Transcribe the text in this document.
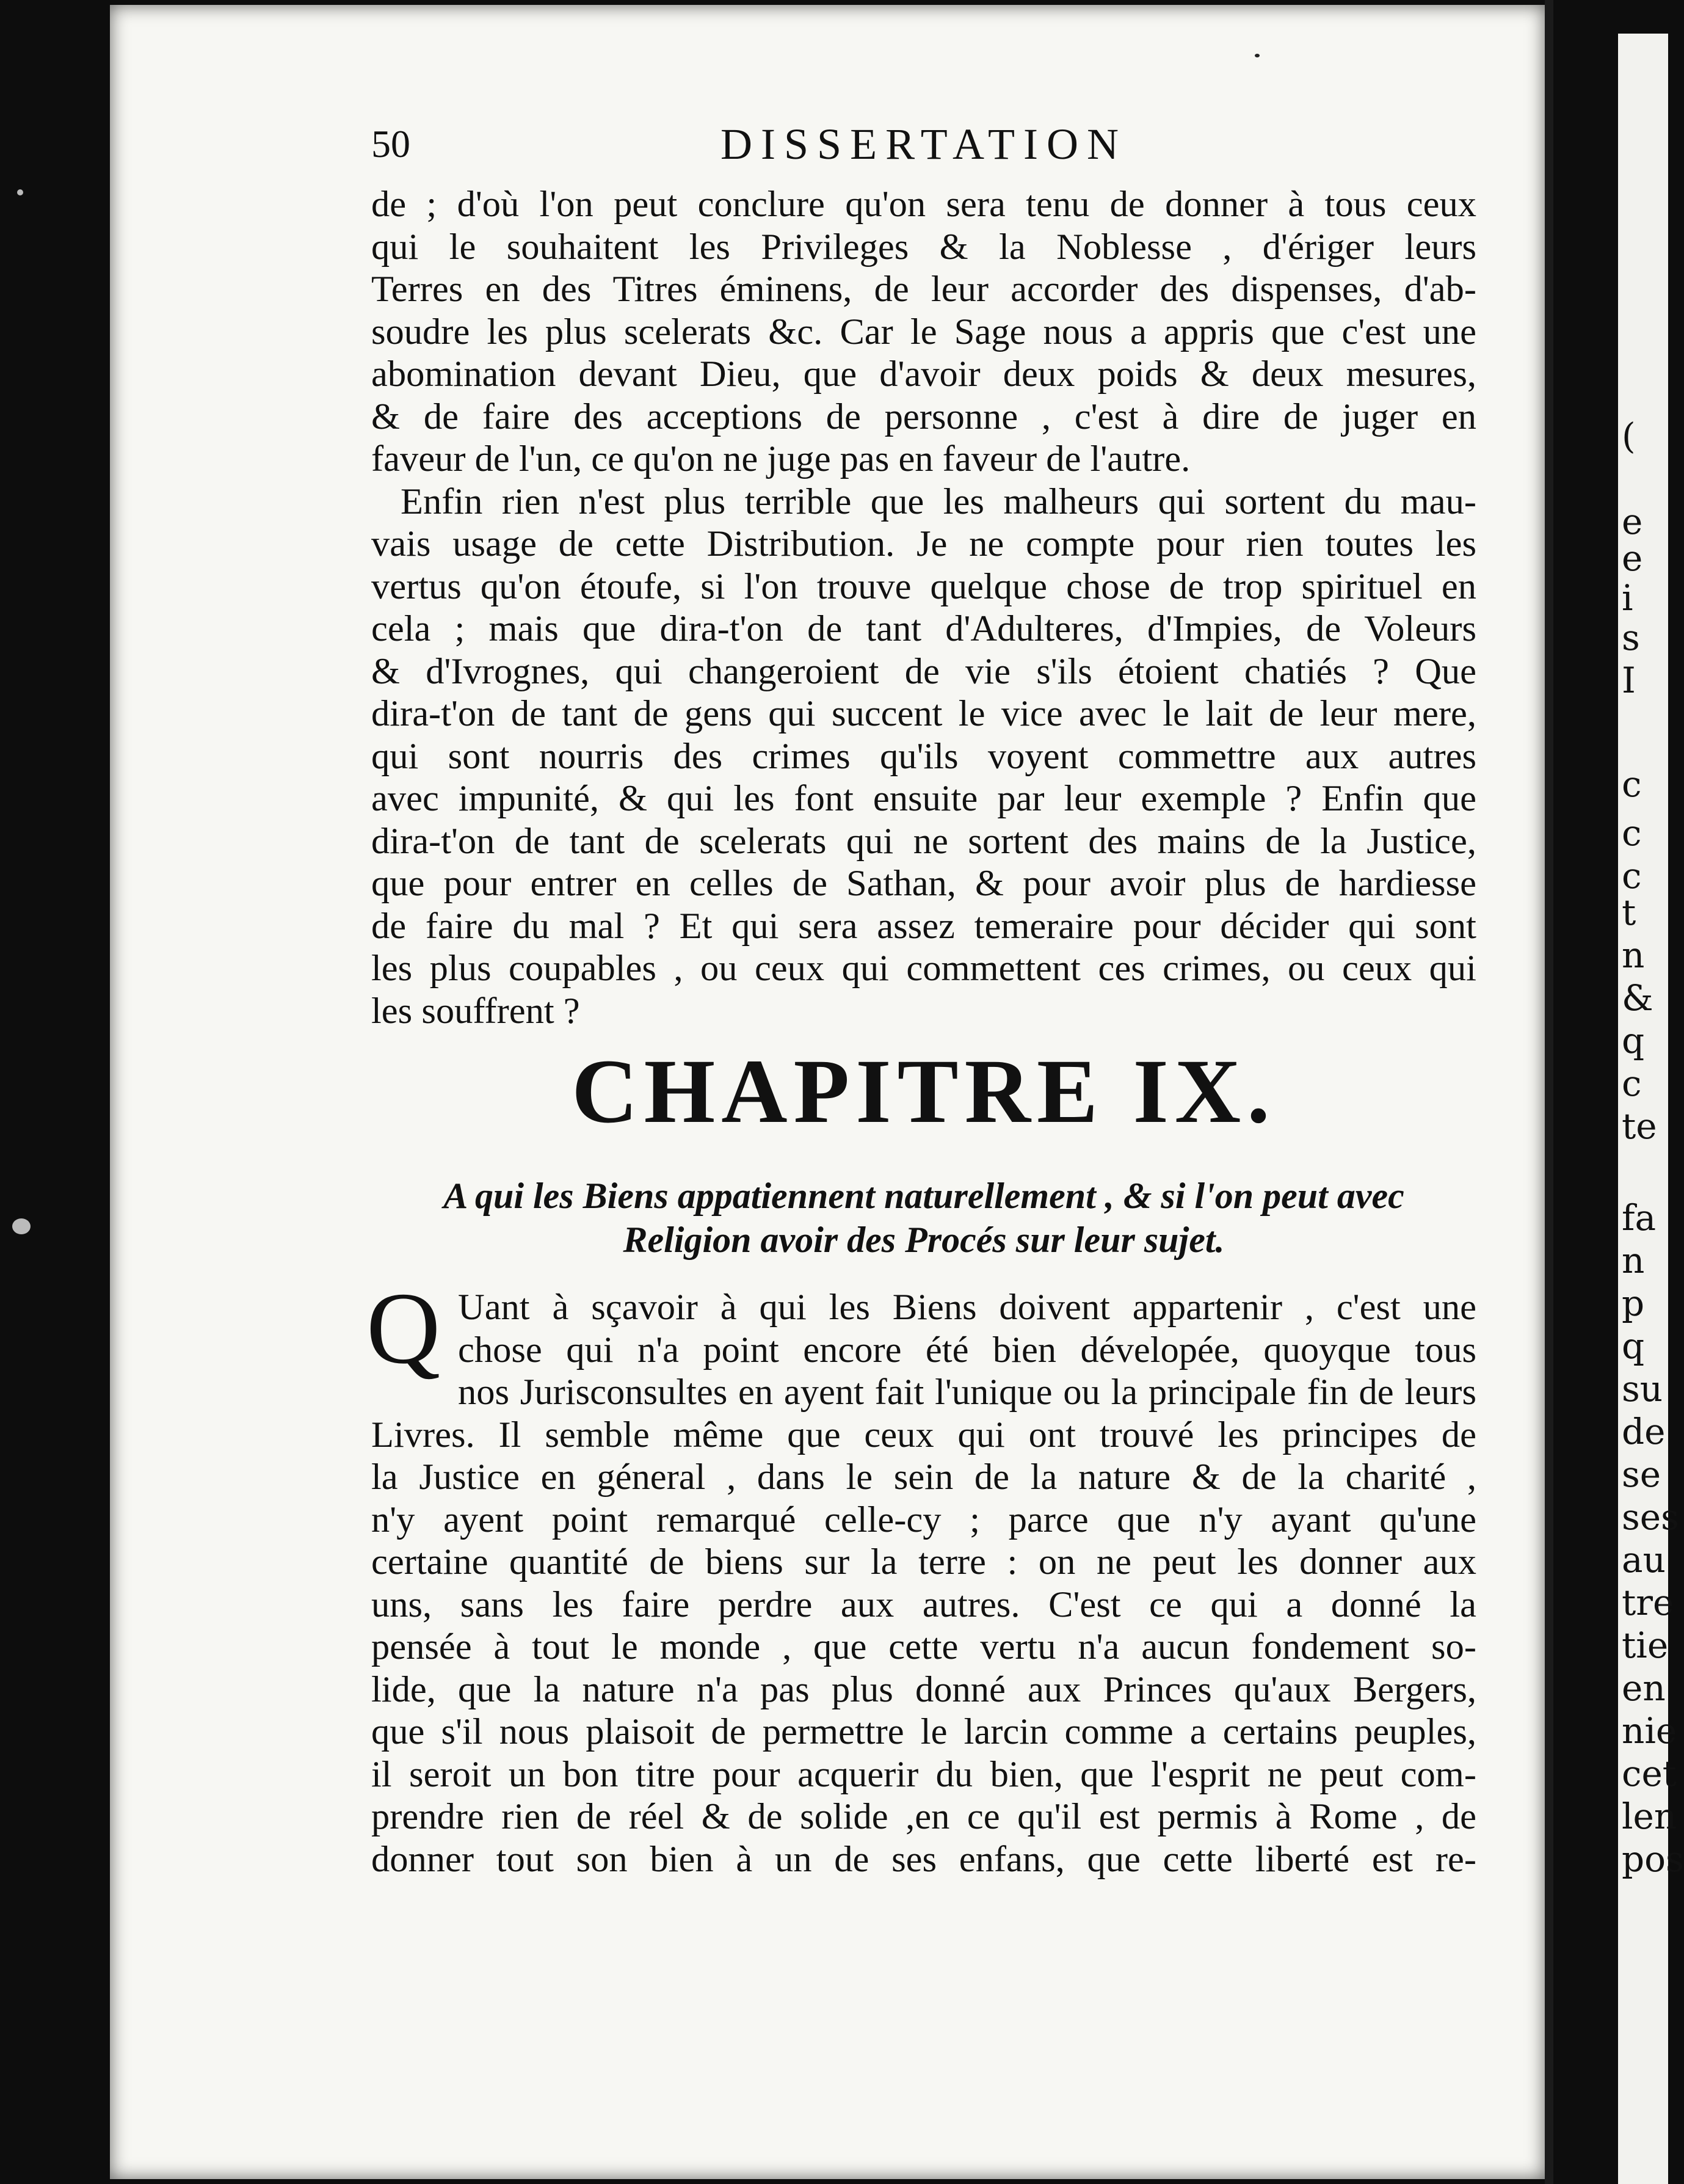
(
e
e
i
s
I
c
c
c
t
n
&
q
c
te
fa
n
p
q
su
de
se
ses
au
tre
tie
en
nie
cet
len
pos
50	DISSERTATION
de ; d'où l'on peut conclure qu'on sera tenu de donner à tous ceux
qui le souhaitent les Privileges & la Noblesse , d'ériger leurs
Terres en des Titres éminens, de leur accorder des dispenses, d'ab-
soudre les plus scelerats &c. Car le Sage nous a appris que c'est une
abomination devant Dieu, que d'avoir deux poids & deux mesures,
& de faire des acceptions de personne , c'est à dire de juger en
faveur de l'un, ce qu'on ne juge pas en faveur de l'autre.
Enfin rien n'est plus terrible que les malheurs qui sortent du mau-
vais usage de cette Distribution. Je ne compte pour rien toutes les
vertus qu'on étoufe, si l'on trouve quelque chose de trop spirituel en
cela ; mais que dira-t'on de tant d'Adulteres, d'Impies, de Voleurs
& d'Ivrognes, qui changeroient de vie s'ils étoient chatiés ? Que
dira-t'on de tant de gens qui succent le vice avec le lait de leur mere,
qui sont nourris des crimes qu'ils voyent commettre aux autres
avec impunité, & qui les font ensuite par leur exemple ? Enfin que
dira-t'on de tant de scelerats qui ne sortent des mains de la Justice,
que pour entrer en celles de Sathan, & pour avoir plus de hardiesse
de faire du mal ? Et qui sera assez temeraire pour décider qui sont
les plus coupables , ou ceux qui commettent ces crimes, ou ceux qui
les souffrent ?
CHAPITRE IX.
A qui les Biens appatiennent naturellement , & si l'on peut avec
Religion avoir des Procés sur leur sujet.
Q Uant à sçavoir à qui les Biens doivent appartenir , c'est une
chose qui n'a point encore été bien dévelopée, quoyque tous
nos Jurisconsultes en ayent fait l'unique ou la principale fin de leurs
Livres. Il semble même que ceux qui ont trouvé les principes de
la Justice en géneral , dans le sein de la nature & de la charité ,
n'y ayent point remarqué celle-cy ; parce que n'y ayant qu'une
certaine quantité de biens sur la terre : on ne peut les donner aux
uns, sans les faire perdre aux autres. C'est ce qui a donné la
pensée à tout le monde , que cette vertu n'a aucun fondement so-
lide, que la nature n'a pas plus donné aux Princes qu'aux Bergers,
que s'il nous plaisoit de permettre le larcin comme a certains peuples,
il seroit un bon titre pour acquerir du bien, que l'esprit ne peut com-
prendre rien de réel & de solide ,en ce qu'il est permis à Rome , de
donner tout son bien à un de ses enfans, que cette liberté est re-
